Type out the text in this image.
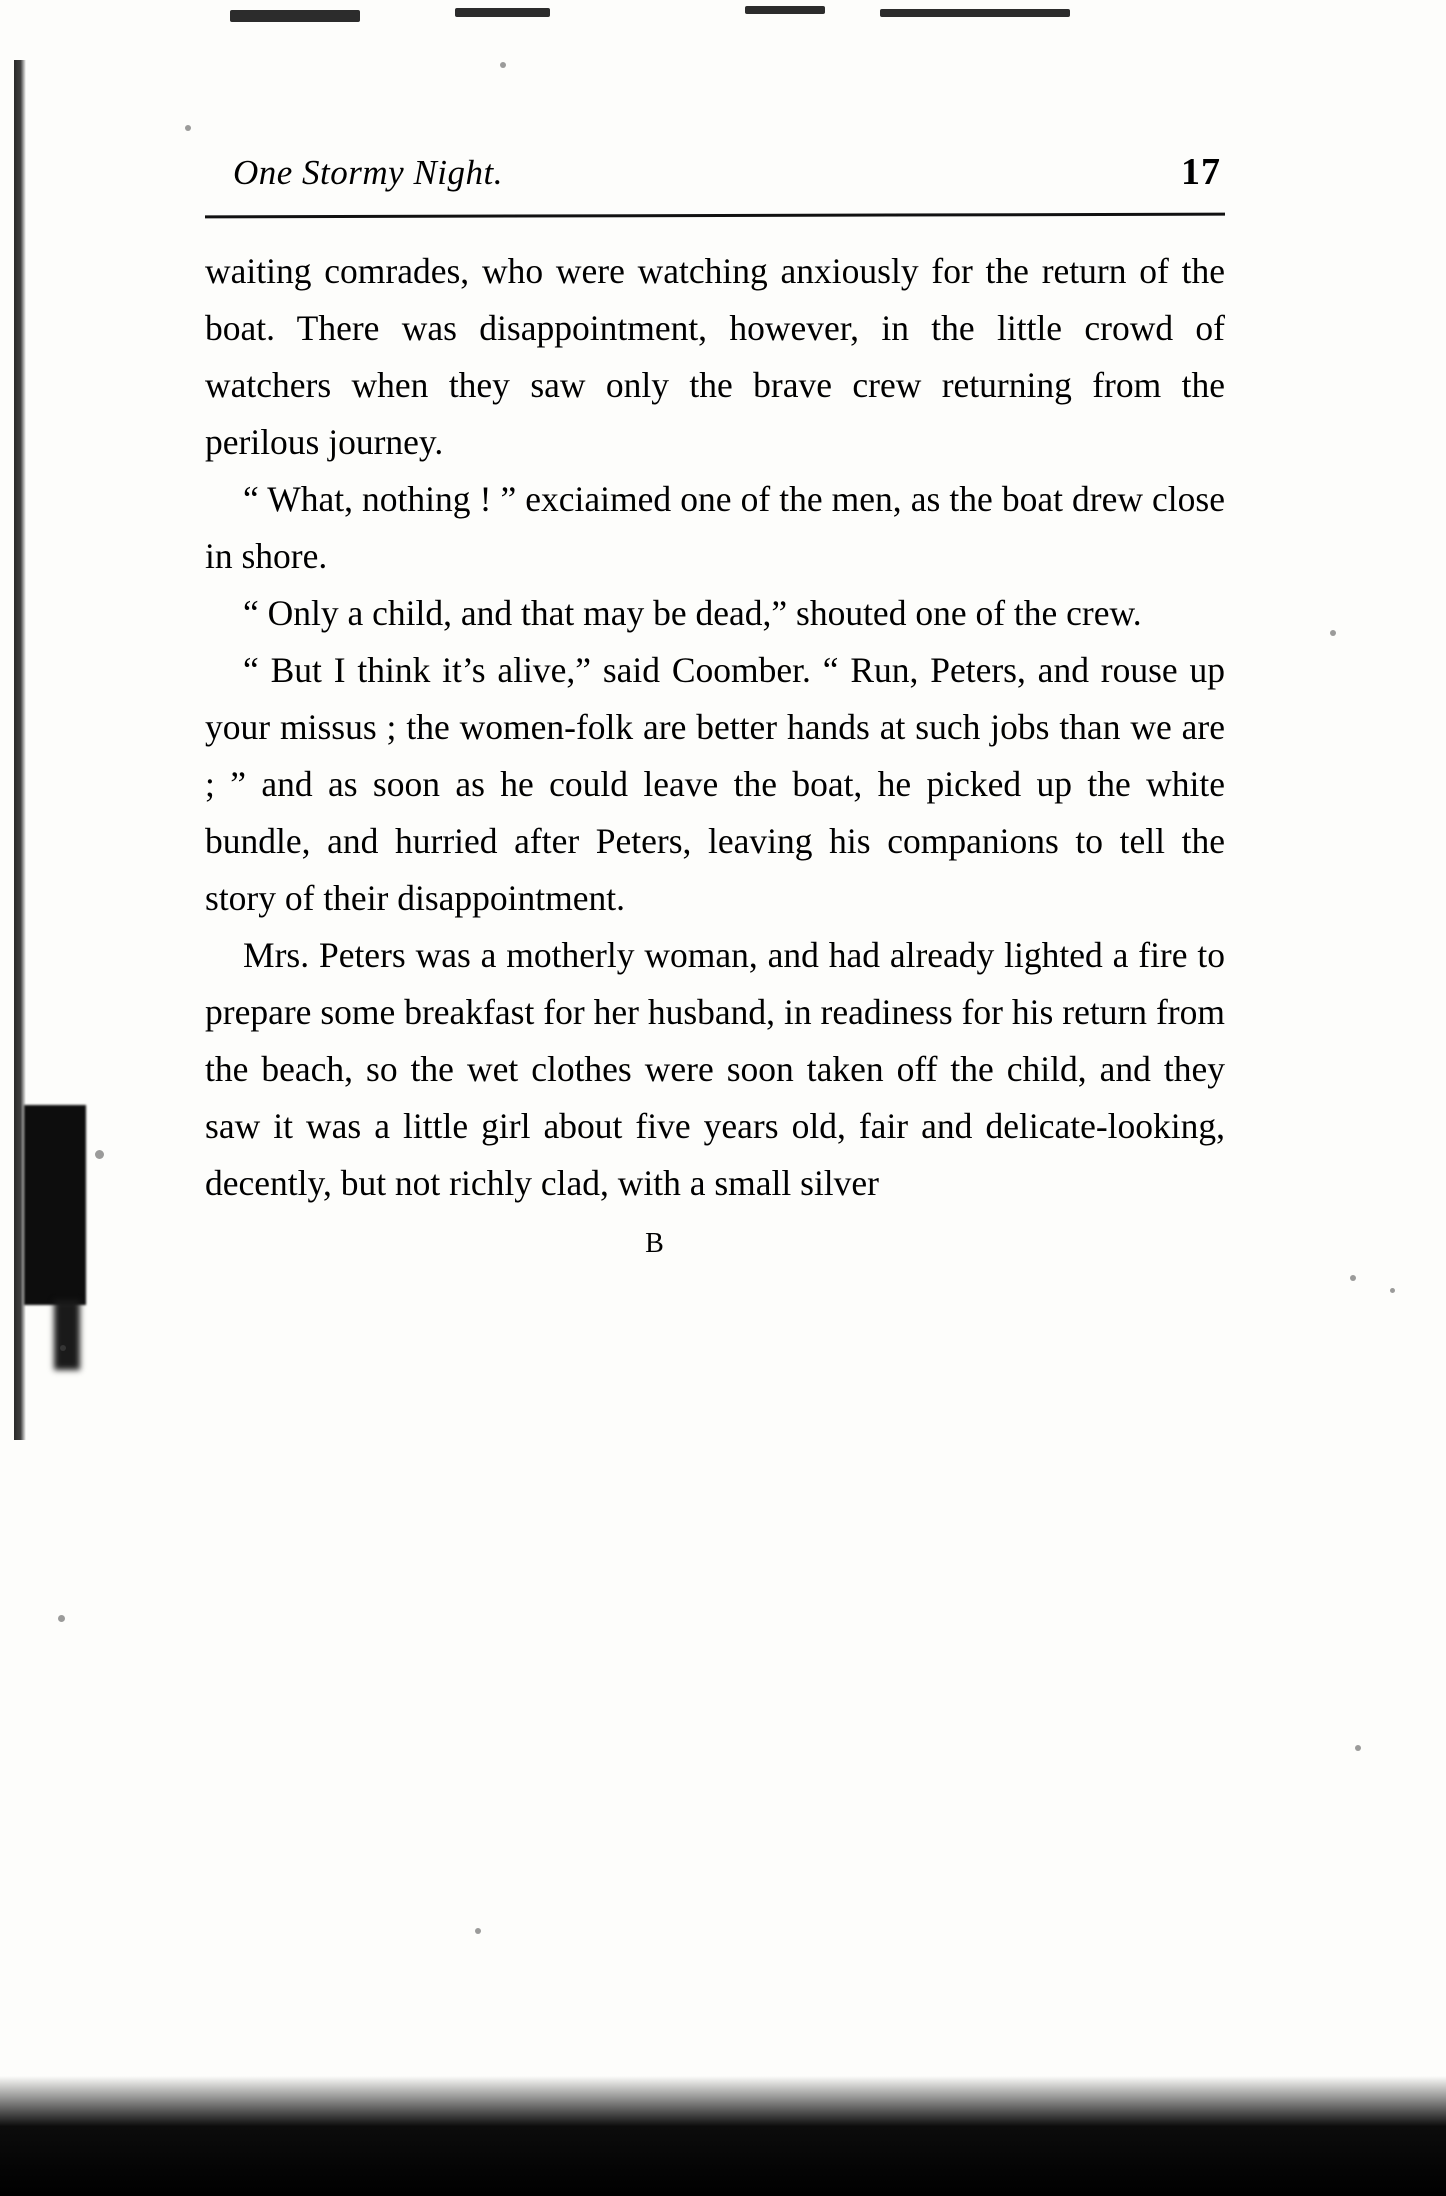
One Stormy Night.	17

waiting comrades, who were watching anxiously for the return of the boat. There was disappointment, however, in the little crowd of watchers when they saw only the brave crew returning from the perilous journey.

“ What, nothing ! ” exciaimed one of the men, as the boat drew close in shore.

“ Only a child, and that may be dead,” shouted one of the crew.

“ But I think it’s alive,” said Coomber. “ Run, Peters, and rouse up your missus ; the women-folk are better hands at such jobs than we are ; ” and as soon as he could leave the boat, he picked up the white bundle, and hurried after Peters, leaving his companions to tell the story of their disappointment.

Mrs. Peters was a motherly woman, and had already lighted a fire to prepare some breakfast for her husband, in readiness for his return from the beach, so the wet clothes were soon taken off the child, and they saw it was a little girl about five years old, fair and delicate-looking, decently, but not richly clad, with a small silver

B
